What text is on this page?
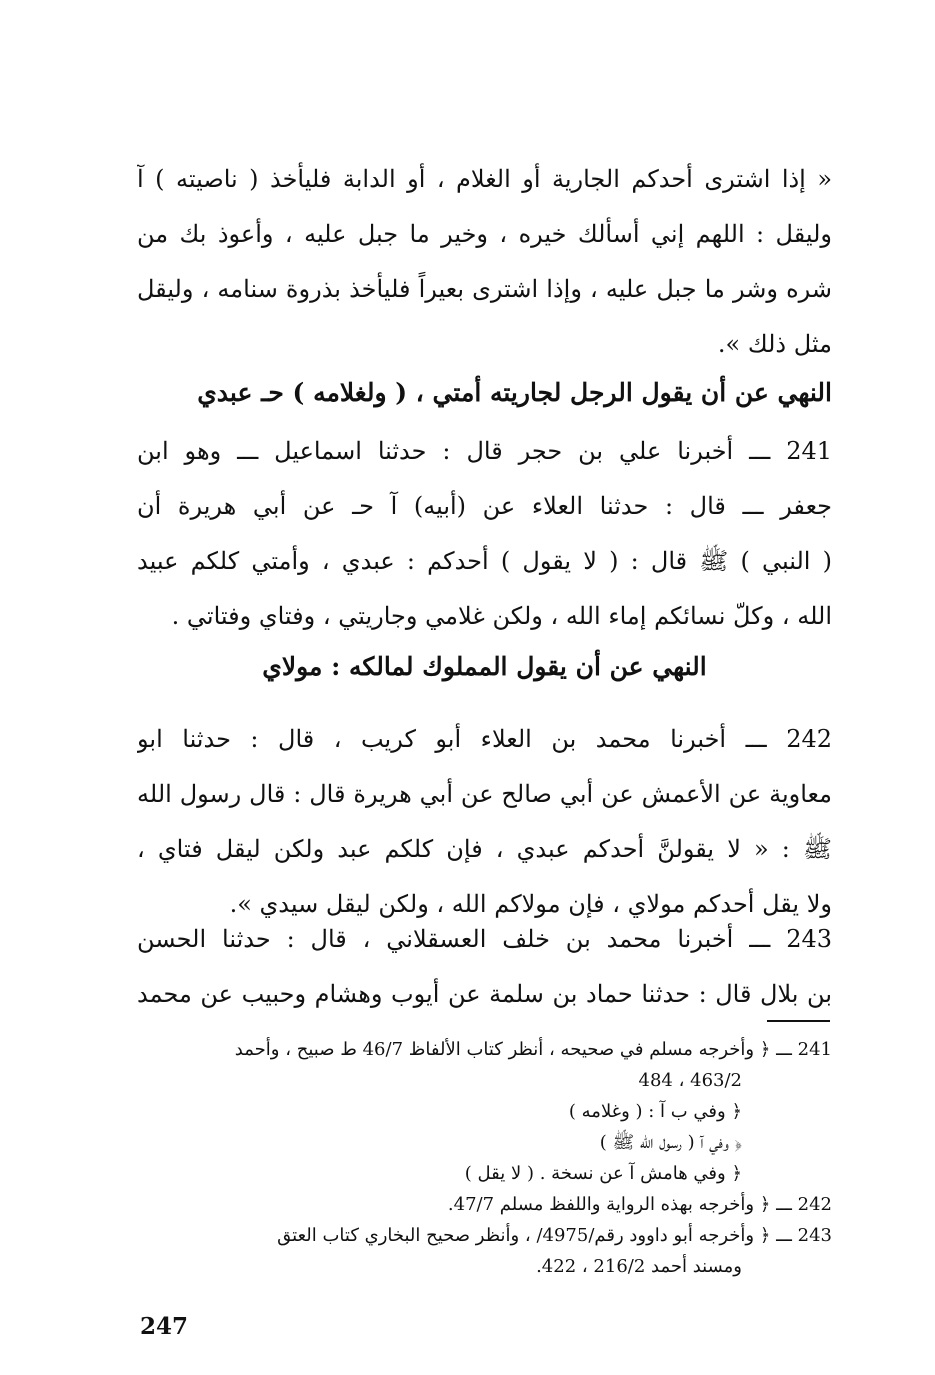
« إذا اشترى أحدكم الجارية أو الغلام ، أو الدابة فليأخذ ( ناصيته ) آ
وليقل : اللهم إني أسألك خيره ، وخير ما جبل عليه ، وأعوذ بك من
شره وشر ما جبل عليه ، وإذا اشترى بعيراً فليأخذ بذروة سنامه ، وليقل
مثل ذلك ».
النهي عن أن يقول الرجل لجاريته أمتي ، ( ولغلامه ) حـ عبدي
241 ـــ أخبرنا علي بن حجر قال : حدثنا اسماعيل ـــ وهو ابن
جعفر ـــ قال : حدثنا العلاء عن (أبيه) آ حـ عن أبي هريرة أن
( النبي ) ﷺ قال : ( لا يقول ) أحدكم : عبدي ، وأمتي كلكم عبيد
الله ، وكلّ نسائكم إماء الله ، ولكن غلامي وجاريتي ، وفتاي وفتاتي .
النهي عن أن يقول المملوك لمالكه : مولاي
242 ـــ أخبرنا محمد بن العلاء أبو كريب ، قال : حدثنا ابو
معاوية عن الأعمش عن أبي صالح عن أبي هريرة قال : قال رسول الله
ﷺ : « لا يقولنَّ أحدكم عبدي ، فإن كلكم عبد ولكن ليقل فتاي ،
ولا يقل أحدكم مولاي ، فإن مولاكم الله ، ولكن ليقل سيدي ».
243 ـــ أخبرنا محمد بن خلف العسقلاني ، قال : حدثنا الحسن
بن بلال قال : حدثنا حماد بن سلمة عن أيوب وهشام وحبيب عن محمد
241 ـــ ﴿ وأخرجه مسلم في صحيحه ، أنظر كتاب الألفاظ 46/7 ط صبيح ، وأحمد
463/2 ، 484
﴿ وفي ب آ : ( وغلامه )
﴿ وفي آ ( رسول الله ﷺ )
﴿ وفي هامش آ عن نسخة . ( لا يقل )
242 ـــ ﴿ وأخرجه بهذه الرواية واللفظ مسلم 47/7.
243 ـــ ﴿ وأخرجه أبو داوود رقم/4975/ ، وأنظر صحيح البخاري كتاب العتق
ومسند أحمد 216/2 ، 422.
247
